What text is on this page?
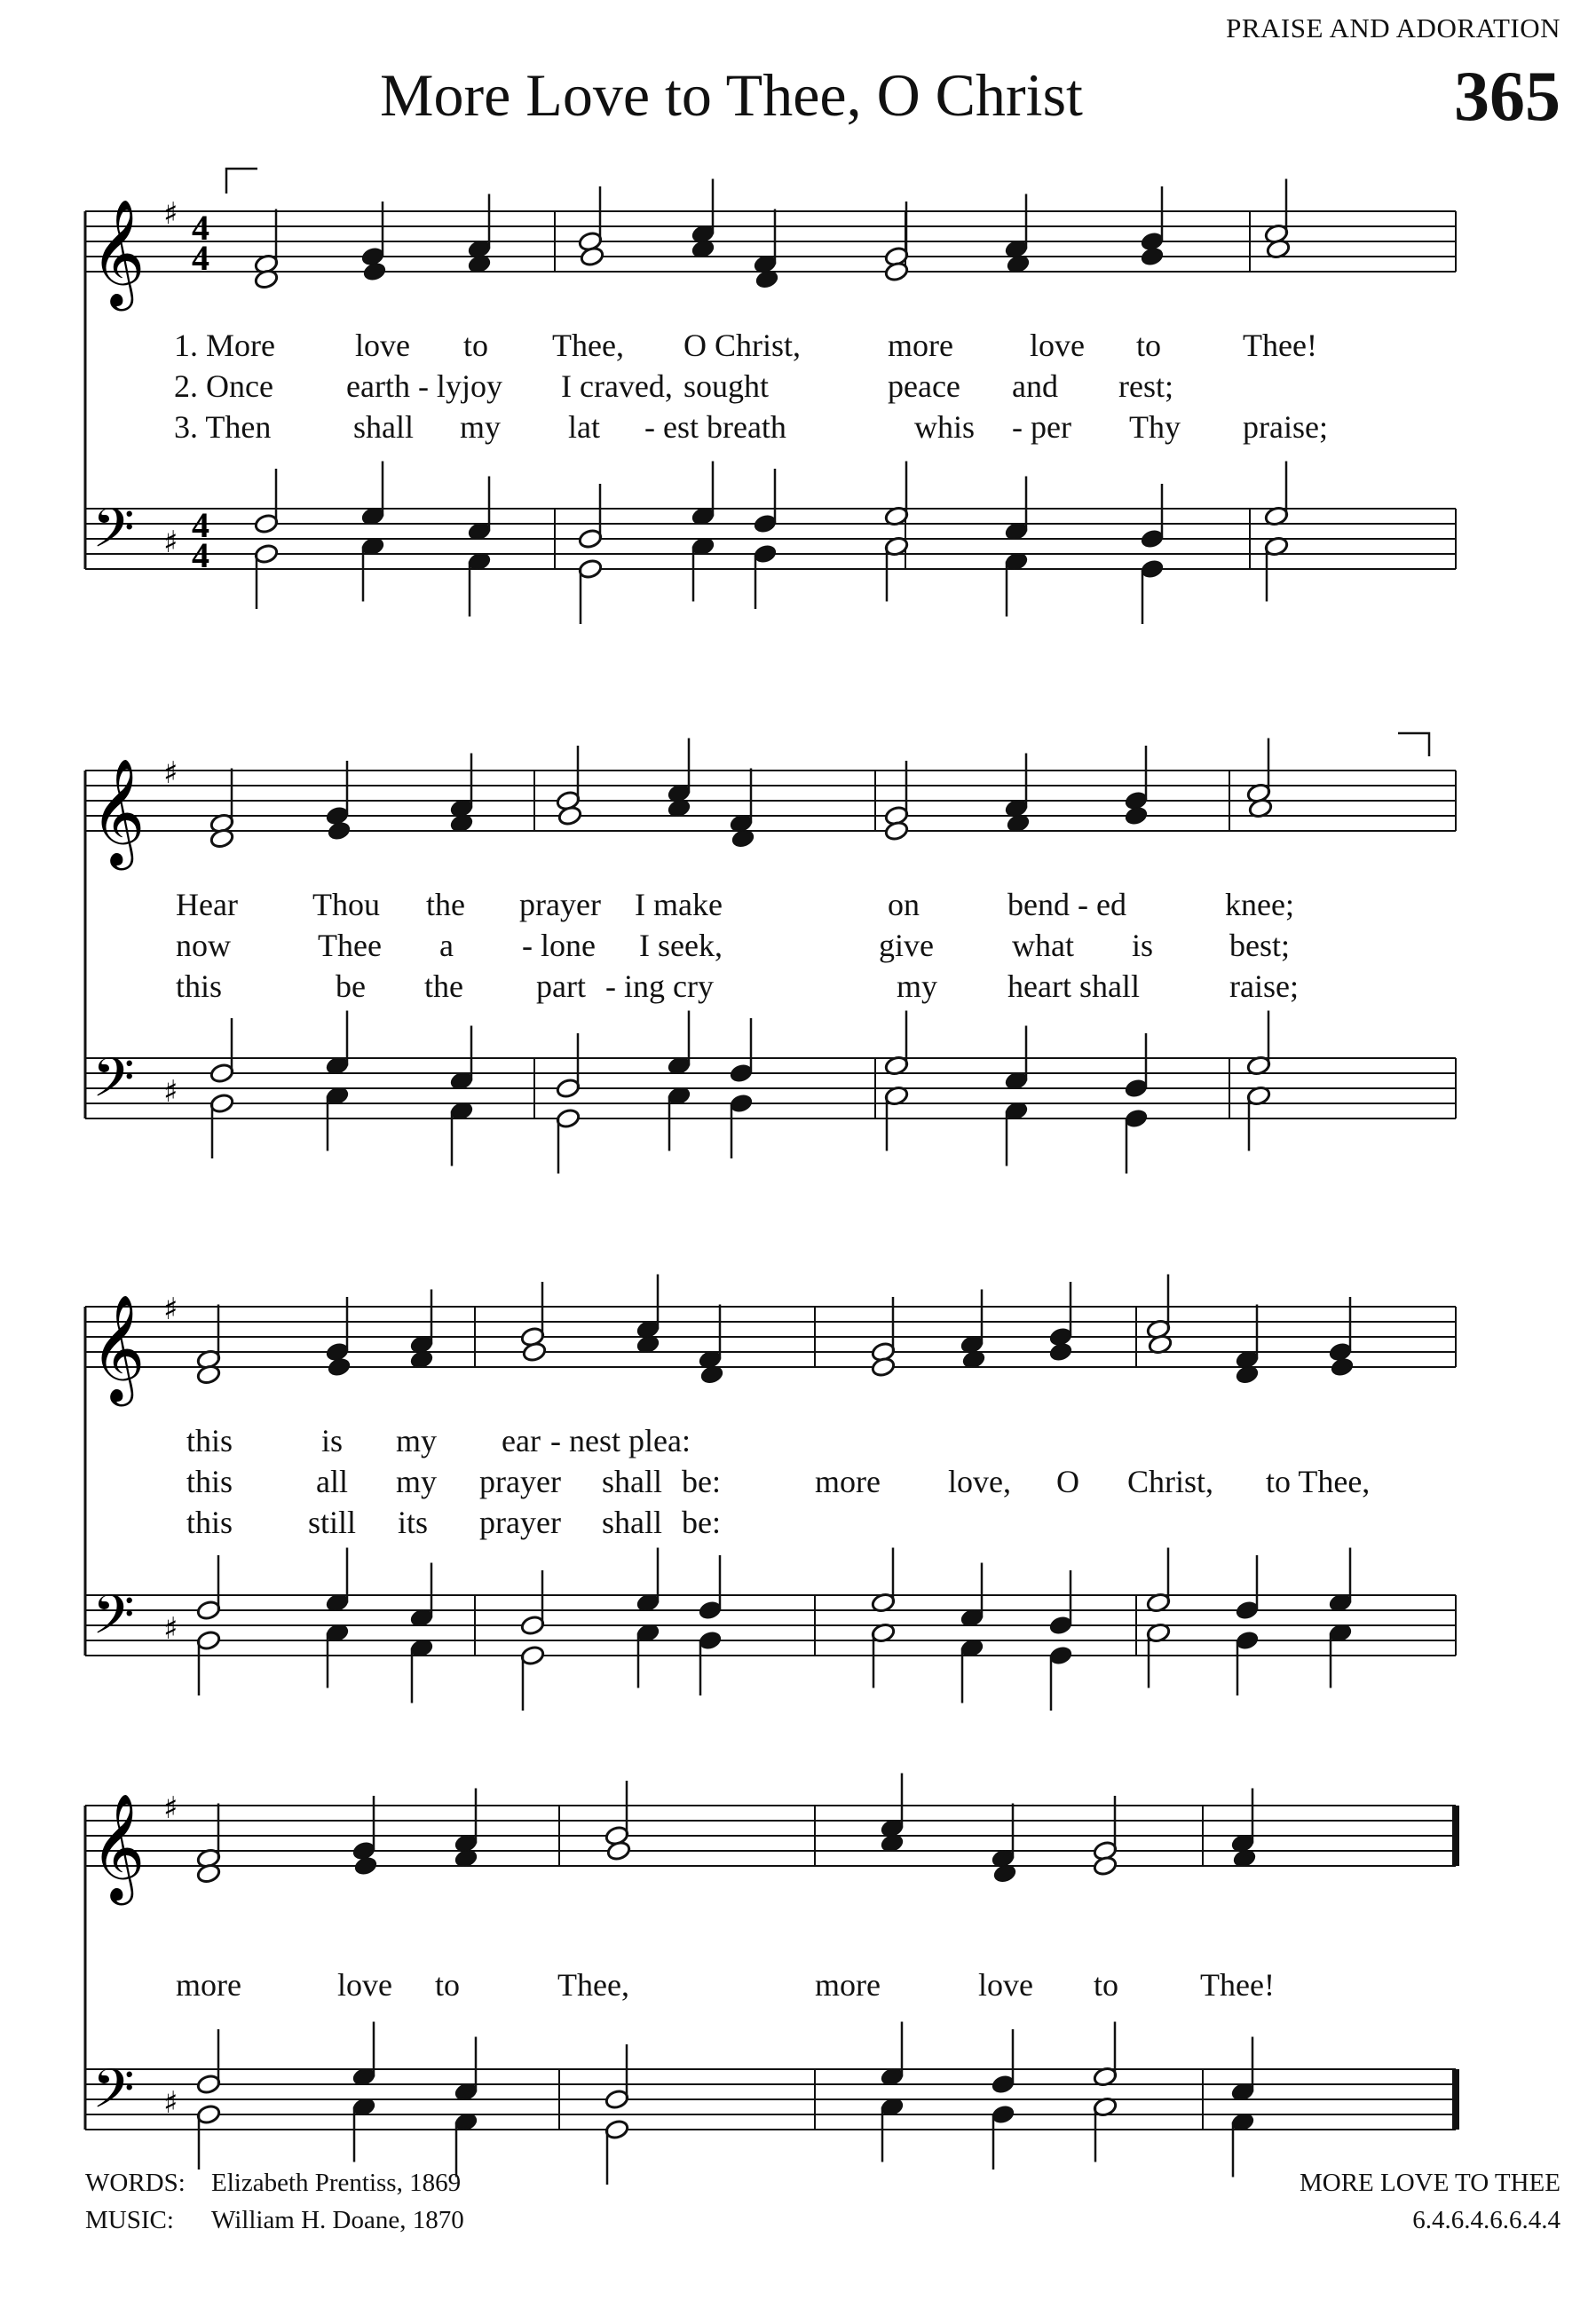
PRAISE AND ADORATION
More Love to Thee, O Christ	365
𝄞
𝄢
♯
♯
4
4
4
4
𝄞
𝄢
♯
♯
𝄞
𝄢
♯
♯
𝄞
𝄢
♯
♯
1. More	love to Thee, O Christ,	more love to	Thee!
2. Once earth - ly joy I craved, sought	peace and rest;
3. Then	shall my lat - est breath	whis - per Thy praise;
Hear Thou the prayer I make	on	bend - ed	knee;
now	Thee a - lone I seek,	give what is best;
this	be the part - ing cry	my heart shall	raise;
this	is my ear - nest plea:
this	all my prayer shall be:	more love, O Christ, to Thee,
this still its prayer shall be:
more	love to	Thee,	more	love to	Thee!
WORDS: Elizabeth Prentiss, 1869
MUSIC: William H. Doane, 1870
MORE LOVE TO THEE
6.4.6.4.6.6.4.4
